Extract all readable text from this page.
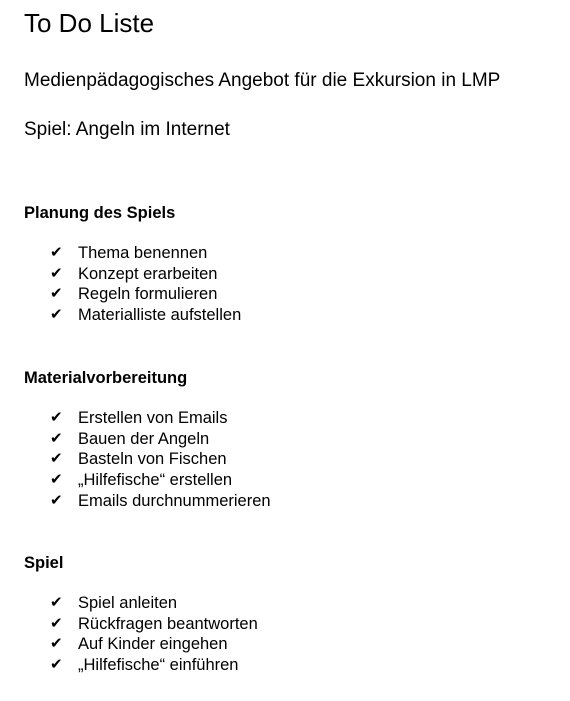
To Do Liste
Medienpädagogisches Angebot für die Exkursion in LMP
Spiel: Angeln im Internet
Planung des Spiels
✔ Thema benennen
✔ Konzept erarbeiten
✔ Regeln formulieren
✔ Materialliste aufstellen
Materialvorbereitung
✔ Erstellen von Emails
✔ Bauen der Angeln
✔ Basteln von Fischen
✔ „Hilfefische“ erstellen
✔ Emails durchnummerieren
Spiel
✔ Spiel anleiten
✔ Rückfragen beantworten
✔ Auf Kinder eingehen
✔ „Hilfefische“ einführen
